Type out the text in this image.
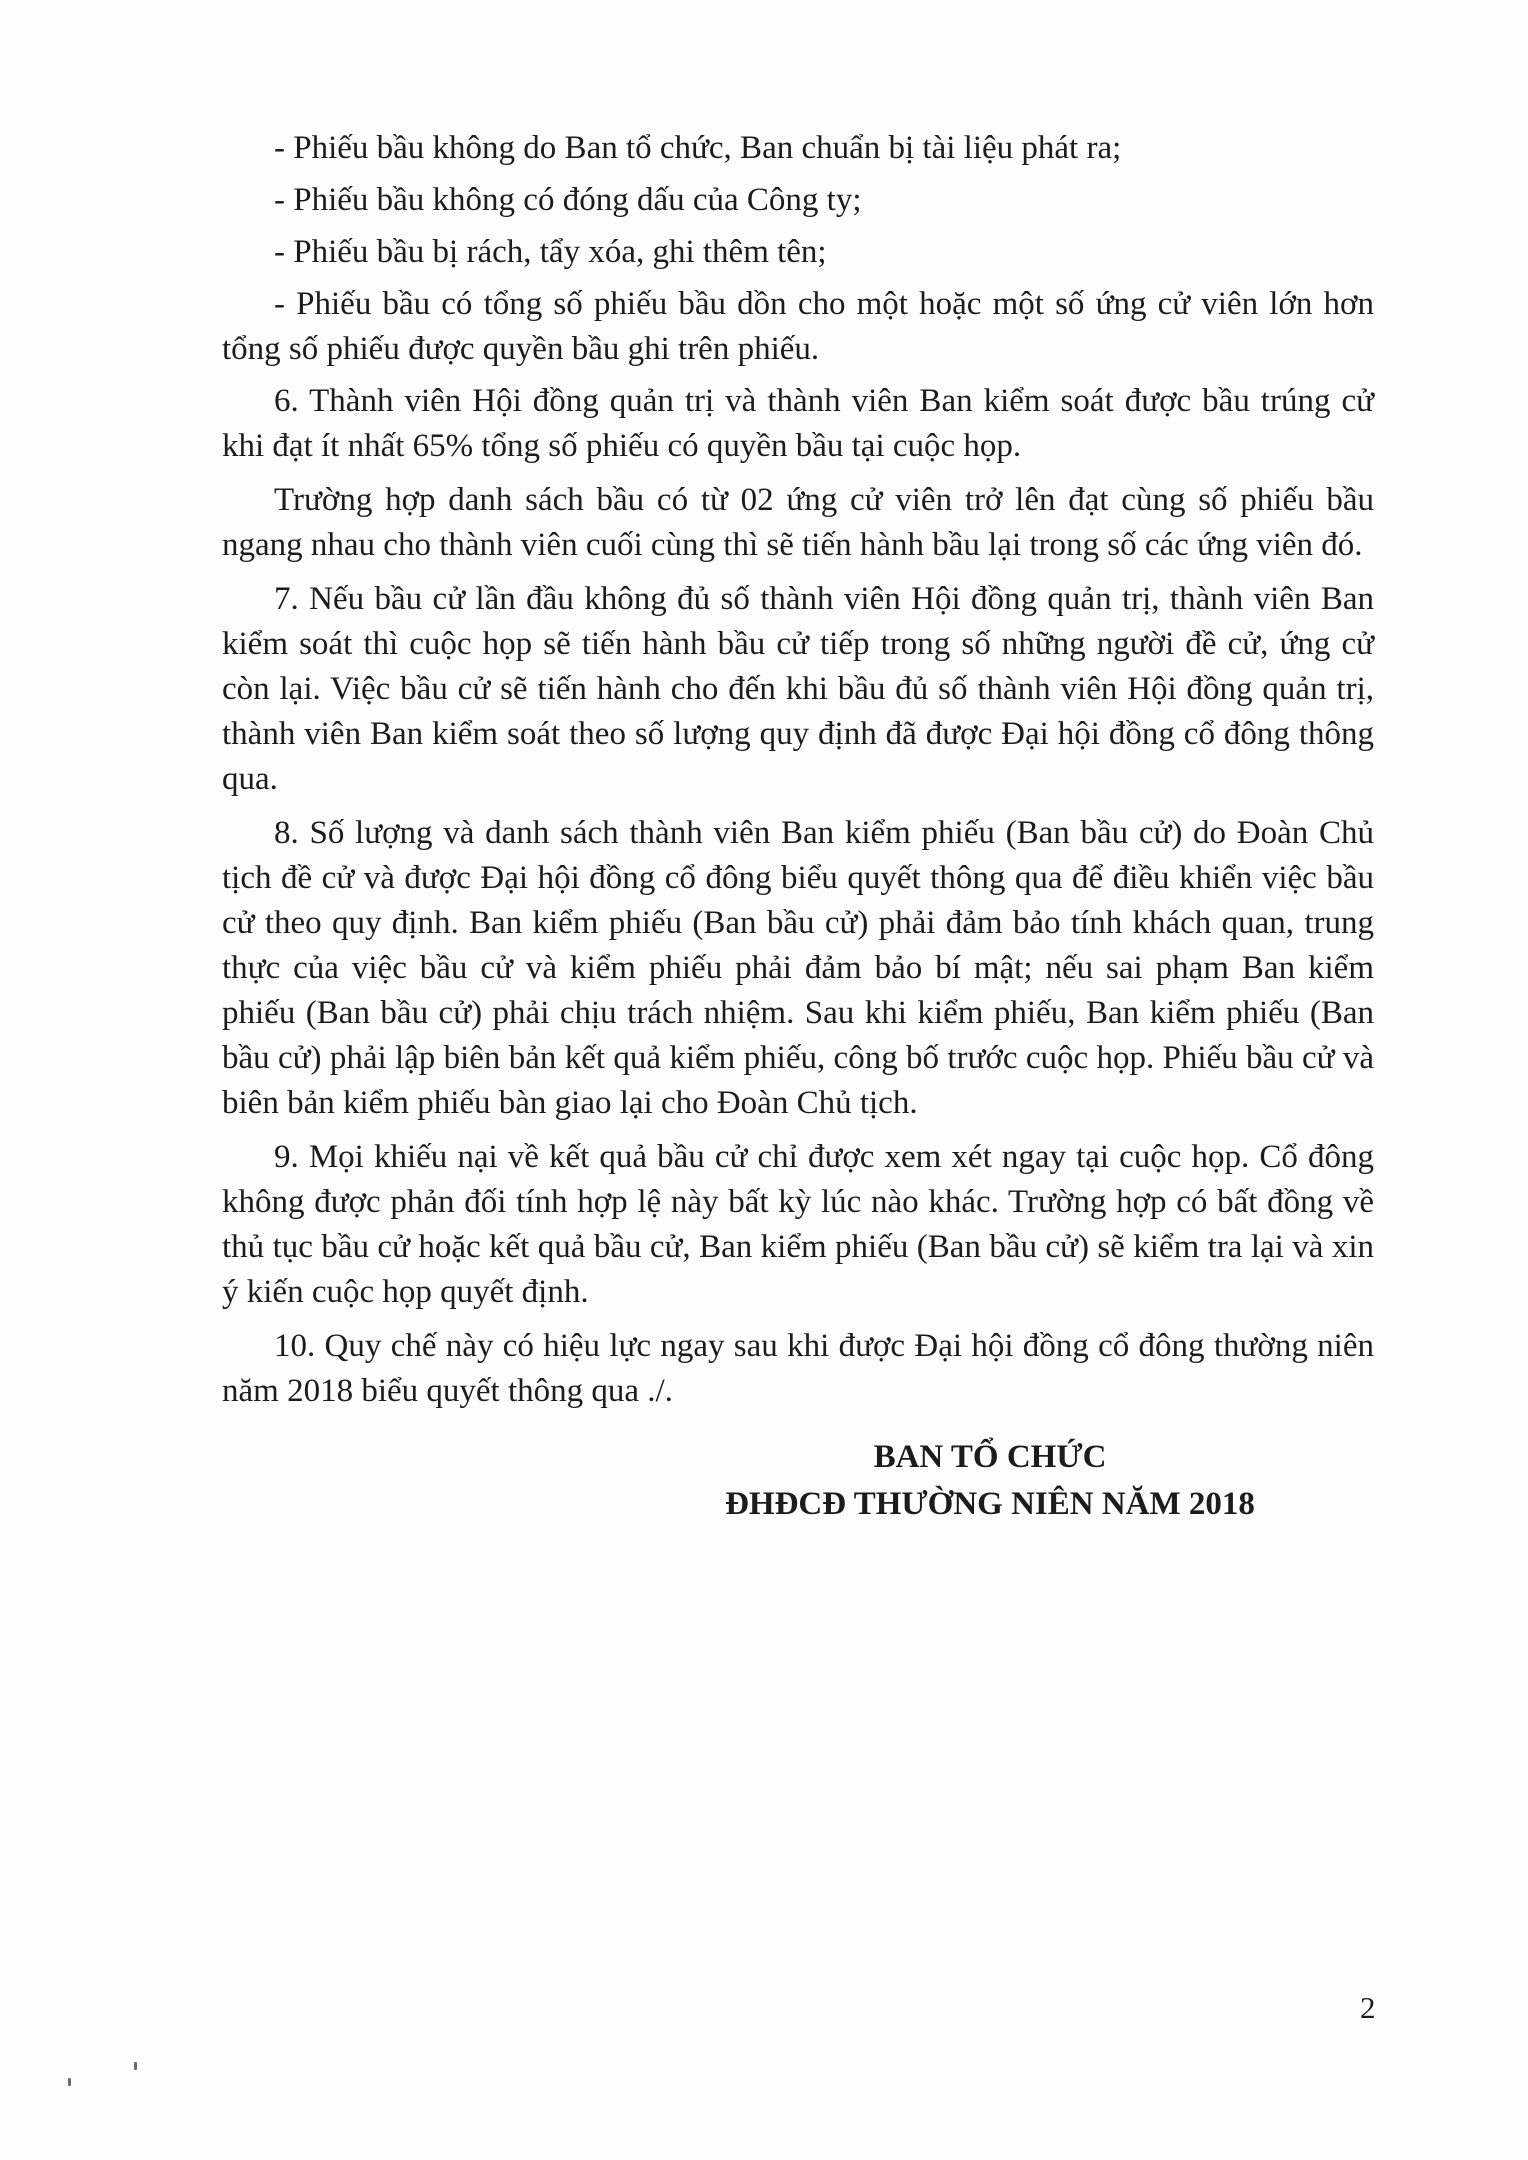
- Phiếu bầu không do Ban tổ chức, Ban chuẩn bị tài liệu phát ra;

- Phiếu bầu không có đóng dấu của Công ty;

- Phiếu bầu bị rách, tẩy xóa, ghi thêm tên;

- Phiếu bầu có tổng số phiếu bầu dồn cho một hoặc một số ứng cử viên lớn hơn tổng số phiếu được quyền bầu ghi trên phiếu.

6. Thành viên Hội đồng quản trị và thành viên Ban kiểm soát được bầu trúng cử khi đạt ít nhất 65% tổng số phiếu có quyền bầu tại cuộc họp.

Trường hợp danh sách bầu có từ 02 ứng cử viên trở lên đạt cùng số phiếu bầu ngang nhau cho thành viên cuối cùng thì sẽ tiến hành bầu lại trong số các ứng viên đó.

7. Nếu bầu cử lần đầu không đủ số thành viên Hội đồng quản trị, thành viên Ban kiểm soát thì cuộc họp sẽ tiến hành bầu cử tiếp trong số những người đề cử, ứng cử còn lại. Việc bầu cử sẽ tiến hành cho đến khi bầu đủ số thành viên Hội đồng quản trị, thành viên Ban kiểm soát theo số lượng quy định đã được Đại hội đồng cổ đông thông qua.

8. Số lượng và danh sách thành viên Ban kiểm phiếu (Ban bầu cử) do Đoàn Chủ tịch đề cử và được Đại hội đồng cổ đông biểu quyết thông qua để điều khiển việc bầu cử theo quy định. Ban kiểm phiếu (Ban bầu cử) phải đảm bảo tính khách quan, trung thực của việc bầu cử và kiểm phiếu phải đảm bảo bí mật; nếu sai phạm Ban kiểm phiếu (Ban bầu cử) phải chịu trách nhiệm. Sau khi kiểm phiếu, Ban kiểm phiếu (Ban bầu cử) phải lập biên bản kết quả kiểm phiếu, công bố trước cuộc họp. Phiếu bầu cử và biên bản kiểm phiếu bàn giao lại cho Đoàn Chủ tịch.

9. Mọi khiếu nại về kết quả bầu cử chỉ được xem xét ngay tại cuộc họp. Cổ đông không được phản đối tính hợp lệ này bất kỳ lúc nào khác. Trường hợp có bất đồng về thủ tục bầu cử hoặc kết quả bầu cử, Ban kiểm phiếu (Ban bầu cử) sẽ kiểm tra lại và xin ý kiến cuộc họp quyết định.

10. Quy chế này có hiệu lực ngay sau khi được Đại hội đồng cổ đông thường niên năm 2018 biểu quyết thông qua ./.

BAN TỔ CHỨC
ĐHĐCĐ THƯỜNG NIÊN NĂM 2018
2
